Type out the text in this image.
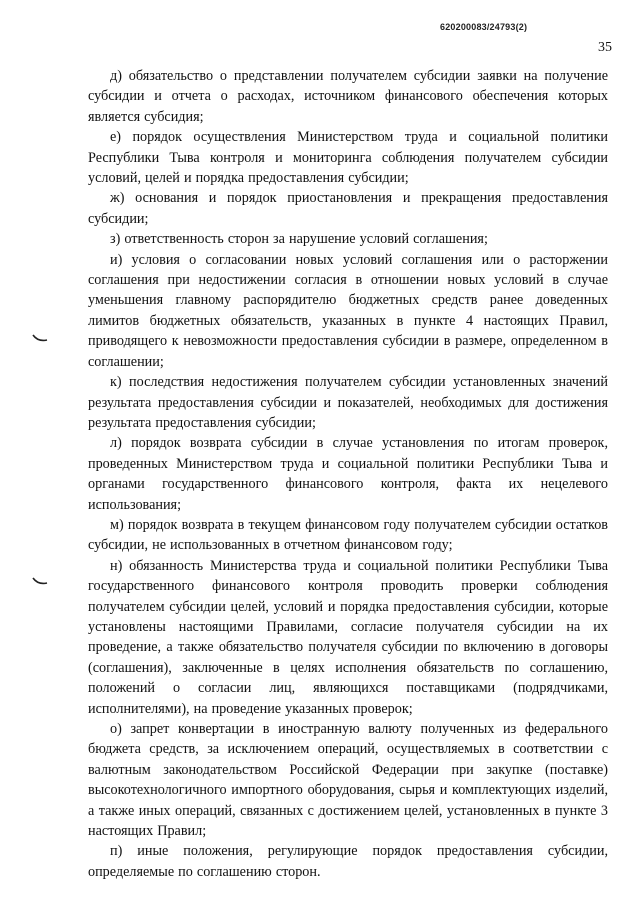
620200083/24793(2)
35

д) обязательство о представлении получателем субсидии заявки на получение субсидии и отчета о расходах, источником финансового обеспечения которых является субсидия;

е) порядок осуществления Министерством труда и социальной политики Республики Тыва контроля и мониторинга соблюдения получателем субсидии условий, целей и порядка предоставления субсидии;

ж) основания и порядок приостановления и прекращения предоставления субсидии;

з) ответственность сторон за нарушение условий соглашения;

и) условия о согласовании новых условий соглашения или о расторжении соглашения при недостижении согласия в отношении новых условий в случае уменьшения главному распорядителю бюджетных средств ранее доведенных лимитов бюджетных обязательств, указанных в пункте 4 настоящих Правил, приводящего к невозможности предоставления субсидии в размере, определенном в соглашении;

к) последствия недостижения получателем субсидии установленных значений результата предоставления субсидии и показателей, необходимых для достижения результата предоставления субсидии;

л) порядок возврата субсидии в случае установления по итогам проверок, проведенных Министерством труда и социальной политики Республики Тыва и органами государственного финансового контроля, факта их нецелевого использования;

м) порядок возврата в текущем финансовом году получателем субсидии остатков субсидии, не использованных в отчетном финансовом году;

н) обязанность Министерства труда и социальной политики Республики Тыва государственного финансового контроля проводить проверки соблюдения получателем субсидии целей, условий и порядка предоставления субсидии, которые установлены настоящими Правилами, согласие получателя субсидии на их проведение, а также обязательство получателя субсидии по включению в договоры (соглашения), заключенные в целях исполнения обязательств по соглашению, положений о согласии лиц, являющихся поставщиками (подрядчиками, исполнителями), на проведение указанных проверок;

о) запрет конвертации в иностранную валюту полученных из федерального бюджета средств, за исключением операций, осуществляемых в соответствии с валютным законодательством Российской Федерации при закупке (поставке) высокотехнологичного импортного оборудования, сырья и комплектующих изделий, а также иных операций, связанных с достижением целей, установленных в пункте 3 настоящих Правил;

п) иные положения, регулирующие порядок предоставления субсидии, определяемые по соглашению сторон.
